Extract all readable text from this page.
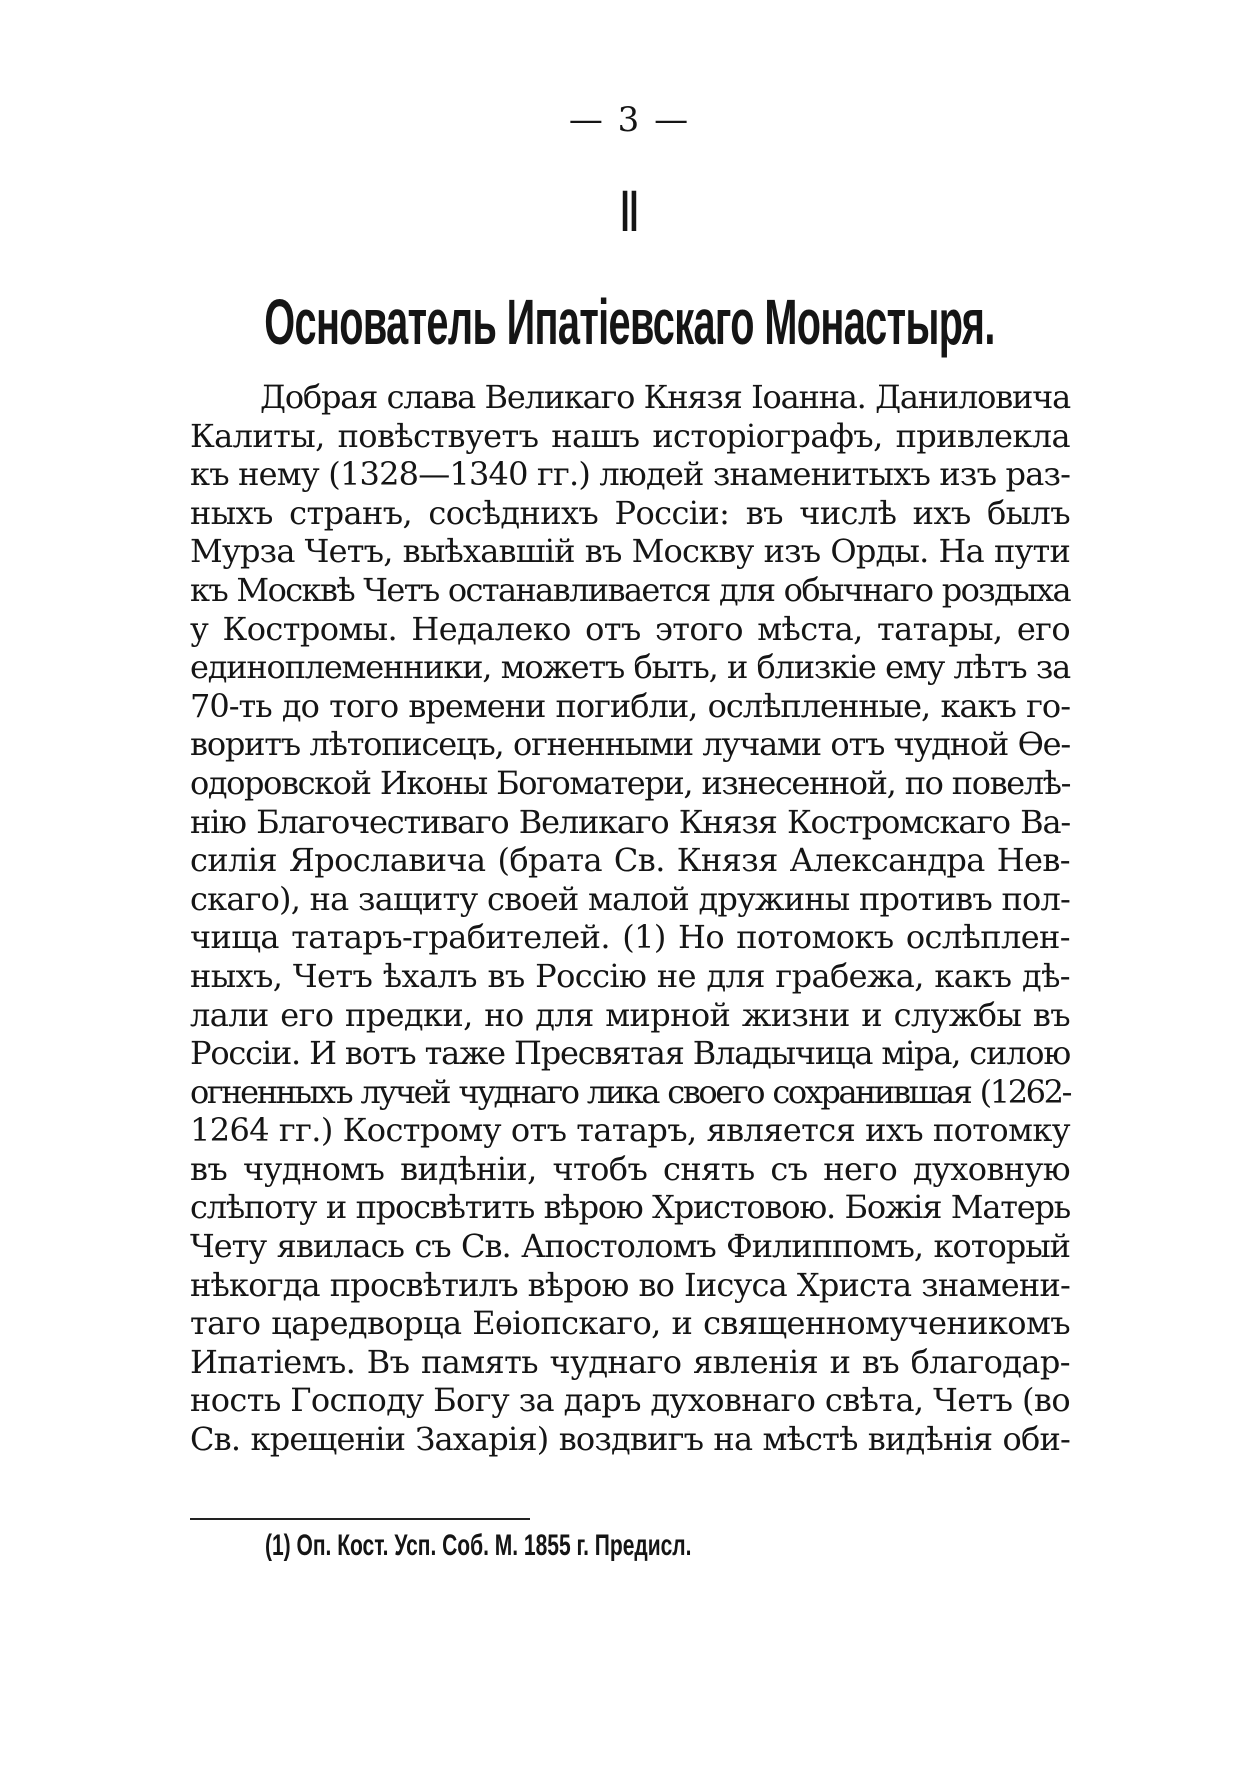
— 3 —
II
Основатель Ипатіевскаго Монастыря.
Добрая слава Великаго Князя Іоанна. Даниловича
Калиты, повѣствуетъ нашъ исторіографъ, привлекла
къ нему (1328—1340 гг.) людей знаменитыхъ изъ раз-
ныхъ странъ, сосѣднихъ Россіи: въ числѣ ихъ былъ
Мурза Четъ, выѣхавшій въ Москву изъ Орды. На пути
къ Москвѣ Четъ останавливается для обычнаго роздыха
у Костромы. Недалеко отъ этого мѣста, татары, его
единоплеменники, можетъ быть, и близкіе ему лѣтъ за
70-ть до того времени погибли, ослѣпленные, какъ го-
воритъ лѣтописецъ, огненными лучами отъ чудной Ѳе-
одоровской Иконы Богоматери, изнесенной, по повелѣ-
нію Благочестиваго Великаго Князя Костромскаго Ва-
силія Ярославича (брата Св. Князя Александра Нев-
скаго), на защиту своей малой дружины противъ пол-
чища татаръ-грабителей. (1) Но потомокъ ослѣплен-
ныхъ, Четъ ѣхалъ въ Россію не для грабежа, какъ дѣ-
лали его предки, но для мирной жизни и службы въ
Россіи. И вотъ таже Пресвятая Владычица міра, силою
огненныхъ лучей чуднаго лика своего сохранившая (1262-
1264 гг.) Кострому отъ татаръ, является ихъ потомку
въ чудномъ видѣніи, чтобъ снять съ него духовную
слѣпоту и просвѣтить вѣрою Христовою. Божія Матерь
Чету явилась съ Св. Апостоломъ Филиппомъ, который
нѣкогда просвѣтилъ вѣрою во Іисуса Христа знамени-
таго царедворца Еѳіопскаго, и священномученикомъ
Ипатіемъ. Въ память чуднаго явленія и въ благодар-
ность Господу Богу за даръ духовнаго свѣта, Четъ (во
Св. крещеніи Захарія) воздвигъ на мѣстѣ видѣнія оби-
(1) Оп. Кост. Усп. Соб. М. 1855 г. Предисл.
